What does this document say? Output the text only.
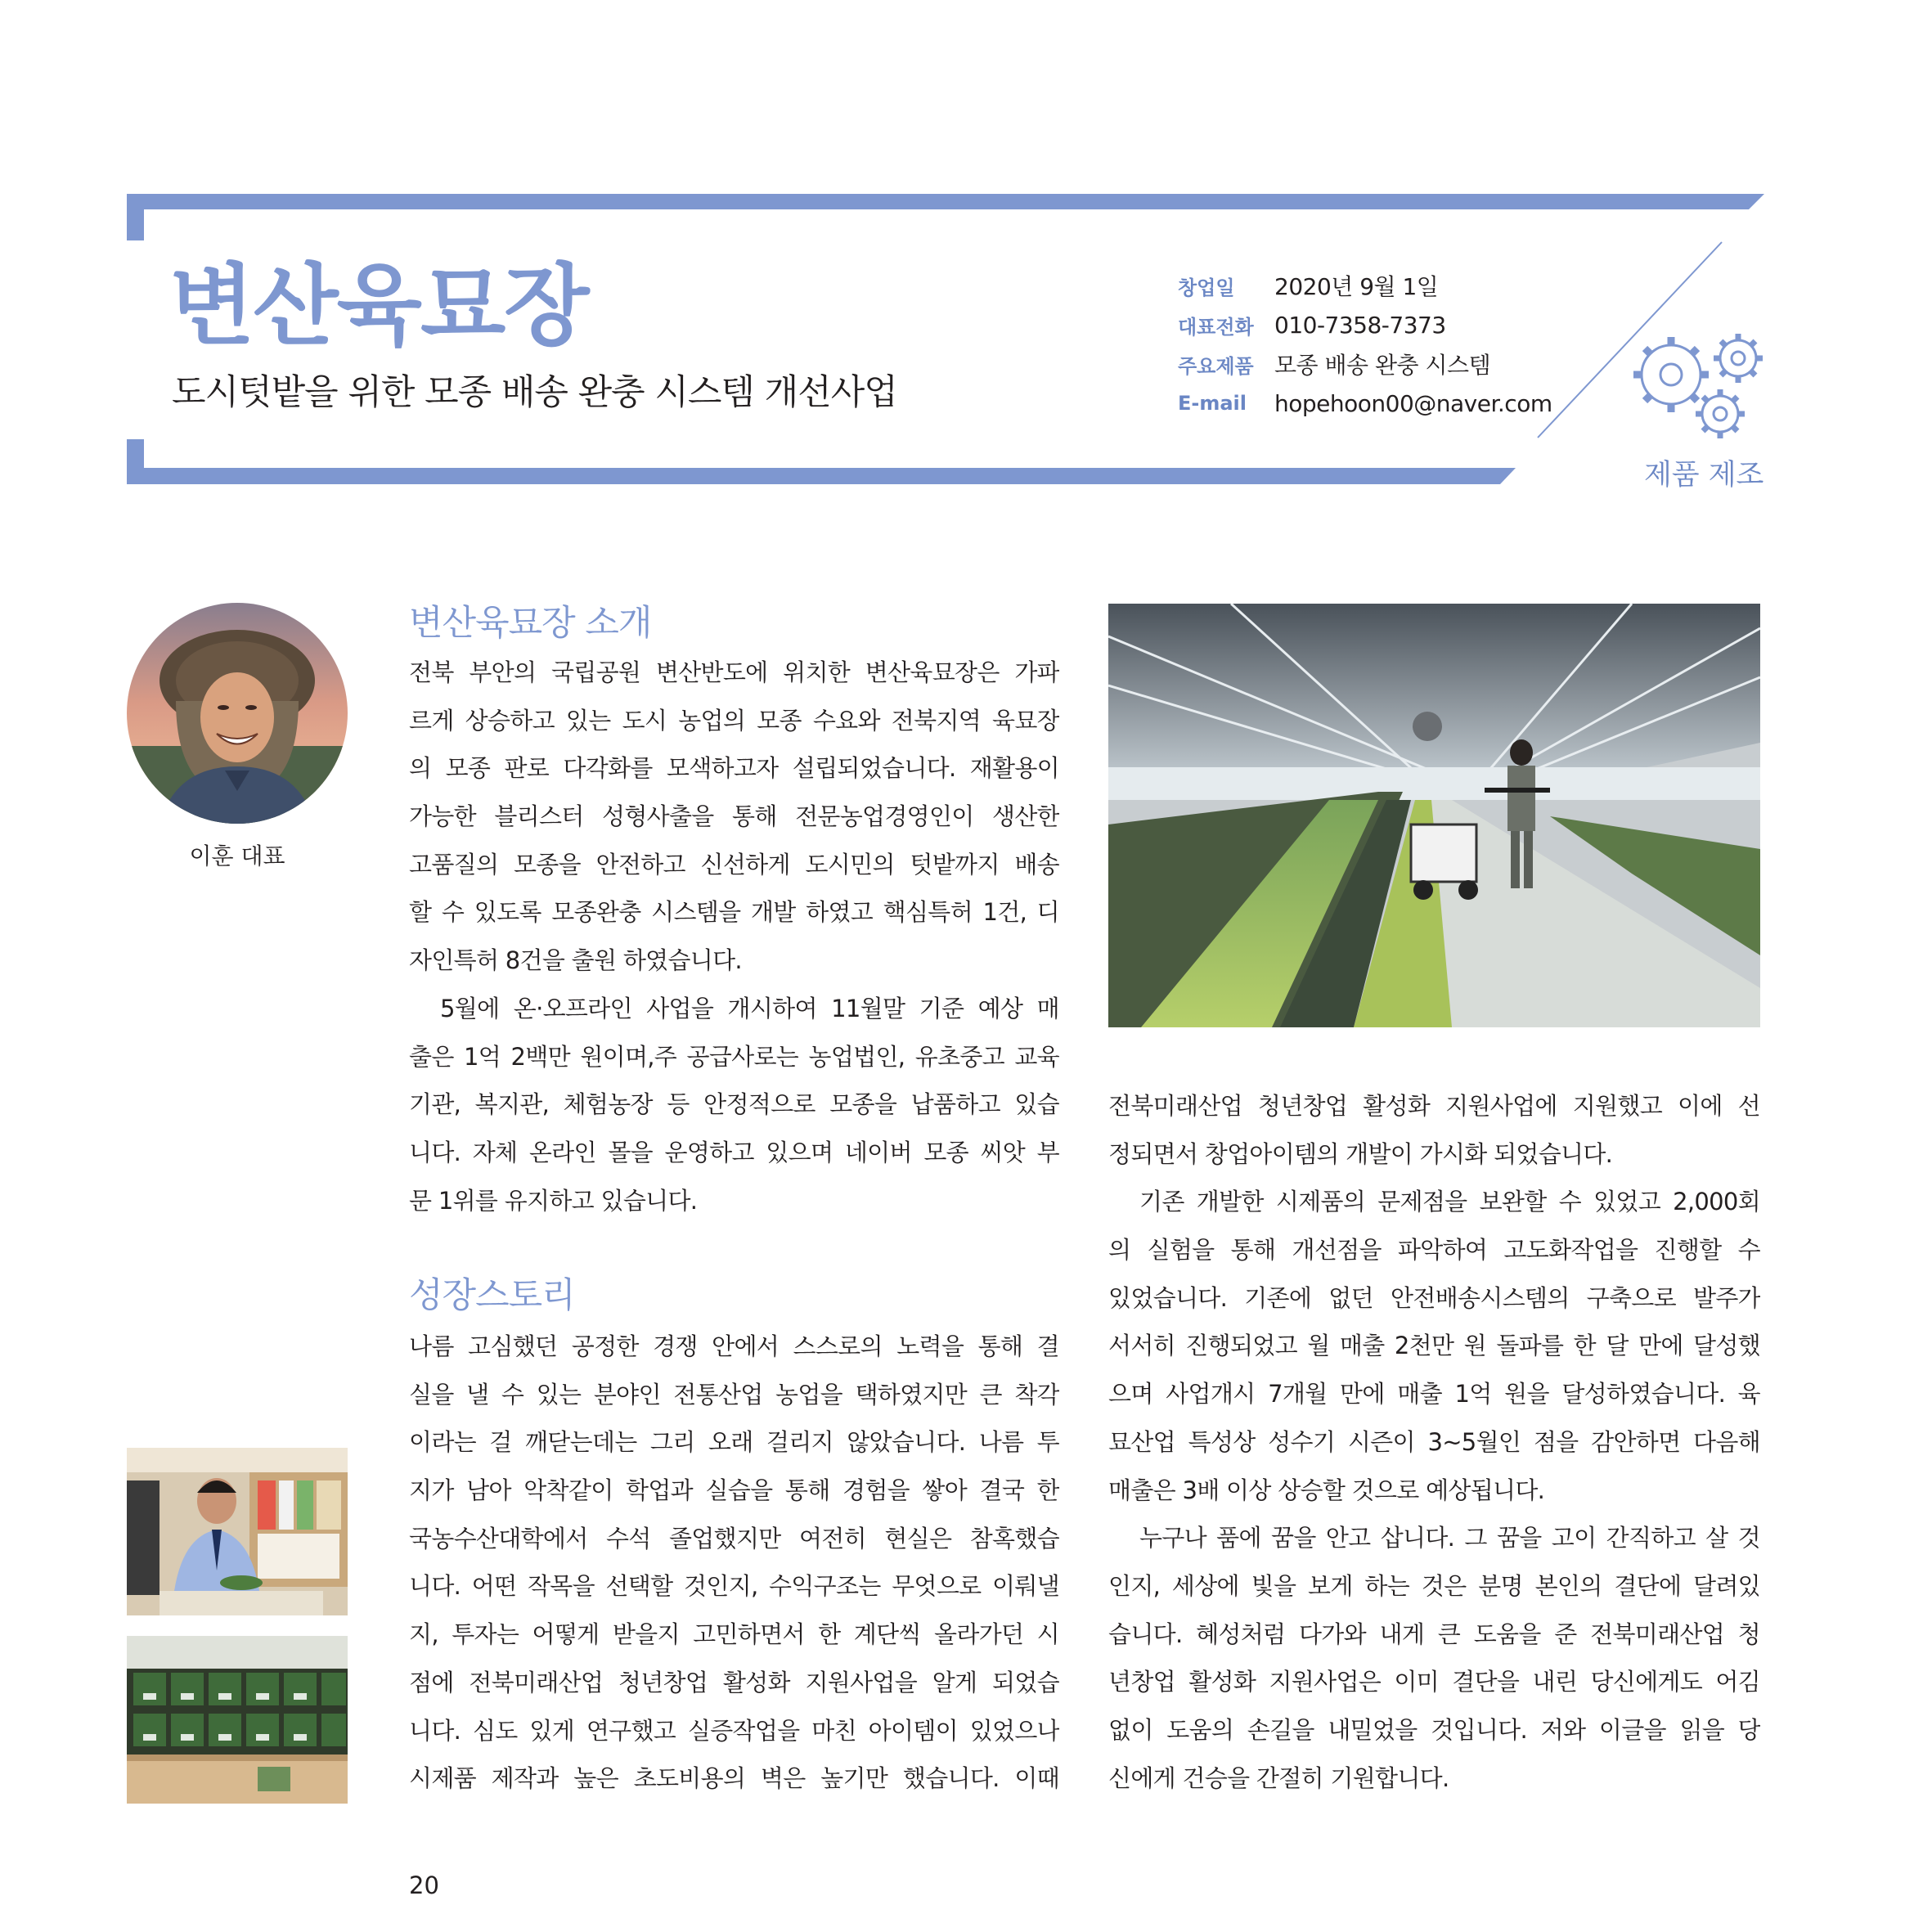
변산육묘장
도시텃밭을 위한 모종 배송 완충 시스템 개선사업
창업일	2020년 9월 1일
대표전화 010-7358-7373
주요제품 모종 배송 완충 시스템
E-mail	hopehoon00@naver.com
제품 제조
이훈 대표
변산육묘장 소개
전북 부안의 국립공원 변산반도에 위치한 변산육묘장은 가파
르게 상승하고 있는 도시 농업의 모종 수요와 전북지역 육묘장
의 모종 판로 다각화를 모색하고자 설립되었습니다. 재활용이
가능한 블리스터 성형사출을 통해 전문농업경영인이 생산한
고품질의 모종을 안전하고 신선하게 도시민의 텃밭까지 배송
할 수 있도록 모종완충 시스템을 개발 하였고 핵심특허 1건, 디
자인특허 8건을 출원 하였습니다.
5월에 온·오프라인 사업을 개시하여 11월말 기준 예상 매
출은 1억 2백만 원이며,주 공급사로는 농업법인, 유초중고 교육
기관, 복지관, 체험농장 등 안정적으로 모종을 납품하고 있습
니다. 자체 온라인 몰을 운영하고 있으며 네이버 모종 씨앗 부
문 1위를 유지하고 있습니다.
성장스토리
나름 고심했던 공정한 경쟁 안에서 스스로의 노력을 통해 결
실을 낼 수 있는 분야인 전통산업 농업을 택하였지만 큰 착각
이라는 걸 깨닫는데는 그리 오래 걸리지 않았습니다. 나름 투
지가 남아 악착같이 학업과 실습을 통해 경험을 쌓아 결국 한
국농수산대학에서 수석 졸업했지만 여전히 현실은 참혹했습
니다. 어떤 작목을 선택할 것인지, 수익구조는 무엇으로 이뤄낼
지, 투자는 어떻게 받을지 고민하면서 한 계단씩 올라가던 시
점에 전북미래산업 청년창업 활성화 지원사업을 알게 되었습
니다. 심도 있게 연구했고 실증작업을 마친 아이템이 있었으나
시제품 제작과 높은 초도비용의 벽은 높기만 했습니다. 이때
전북미래산업 청년창업 활성화 지원사업에 지원했고 이에 선
정되면서 창업아이템의 개발이 가시화 되었습니다.
기존 개발한 시제품의 문제점을 보완할 수 있었고 2,000회
의 실험을 통해 개선점을 파악하여 고도화작업을 진행할 수
있었습니다. 기존에 없던 안전배송시스템의 구축으로 발주가
서서히 진행되었고 월 매출 2천만 원 돌파를 한 달 만에 달성했
으며 사업개시 7개월 만에 매출 1억 원을 달성하였습니다. 육
묘산업 특성상 성수기 시즌이 3~5월인 점을 감안하면 다음해
매출은 3배 이상 상승할 것으로 예상됩니다.
누구나 품에 꿈을 안고 삽니다. 그 꿈을 고이 간직하고 살 것
인지, 세상에 빛을 보게 하는 것은 분명 본인의 결단에 달려있
습니다. 혜성처럼 다가와 내게 큰 도움을 준 전북미래산업 청
년창업 활성화 지원사업은 이미 결단을 내린 당신에게도 어김
없이 도움의 손길을 내밀었을 것입니다. 저와 이글을 읽을 당
신에게 건승을 간절히 기원합니다.
20
